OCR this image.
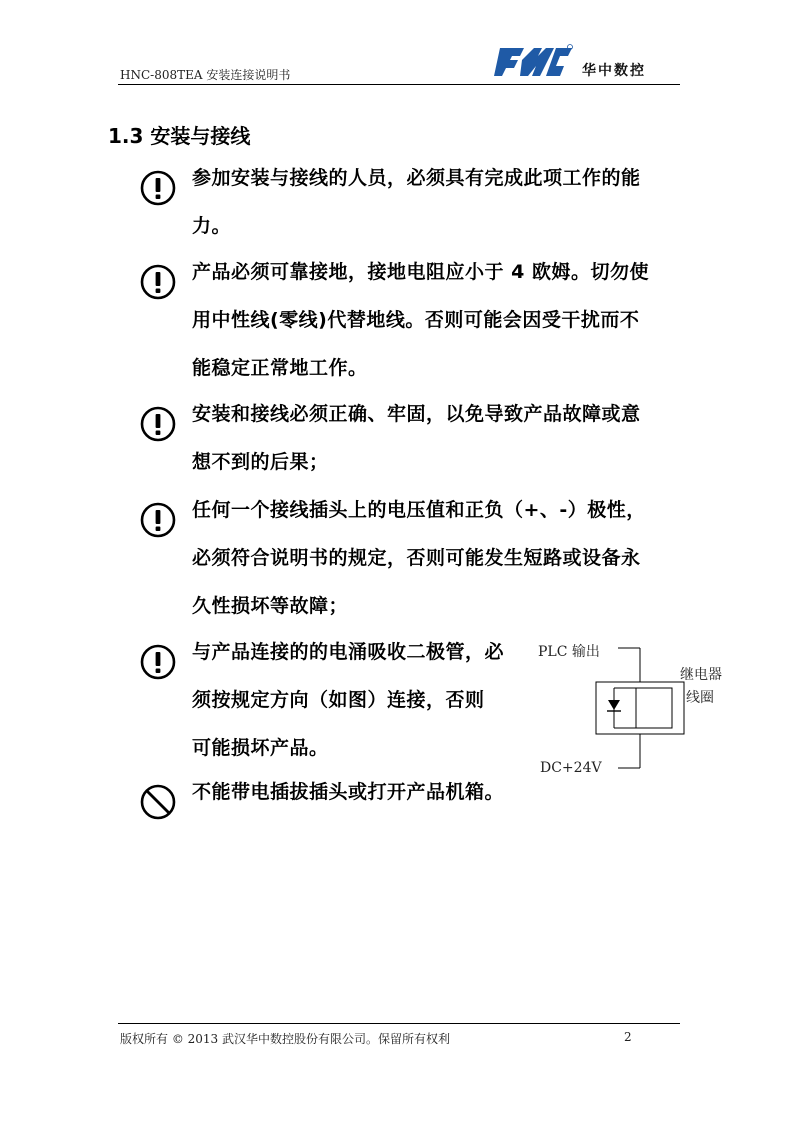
HNC-808TEA 安装连接说明书	华中数控
1.3 安装与接线
参加安装与接线的人员，必须具有完成此项工作的能
力。
产品必须可靠接地，接地电阻应小于 4 欧姆。切勿使
用中性线(零线)代替地线。否则可能会因受干扰而不
能稳定正常地工作。
安装和接线必须正确、牢固，以免导致产品故障或意
想不到的后果；
任何一个接线插头上的电压值和正负（+、-）极性，
必须符合说明书的规定，否则可能发生短路或设备永
久性损坏等故障；
与产品连接的的电涌吸收二极管，必
须按规定方向（如图）连接，否则
可能损坏产品。
不能带电插拔插头或打开产品机箱。
PLC 输出
继电器
线圈
DC+24V
版权所有 © 2013 武汉华中数控股份有限公司。保留所有权利	2
